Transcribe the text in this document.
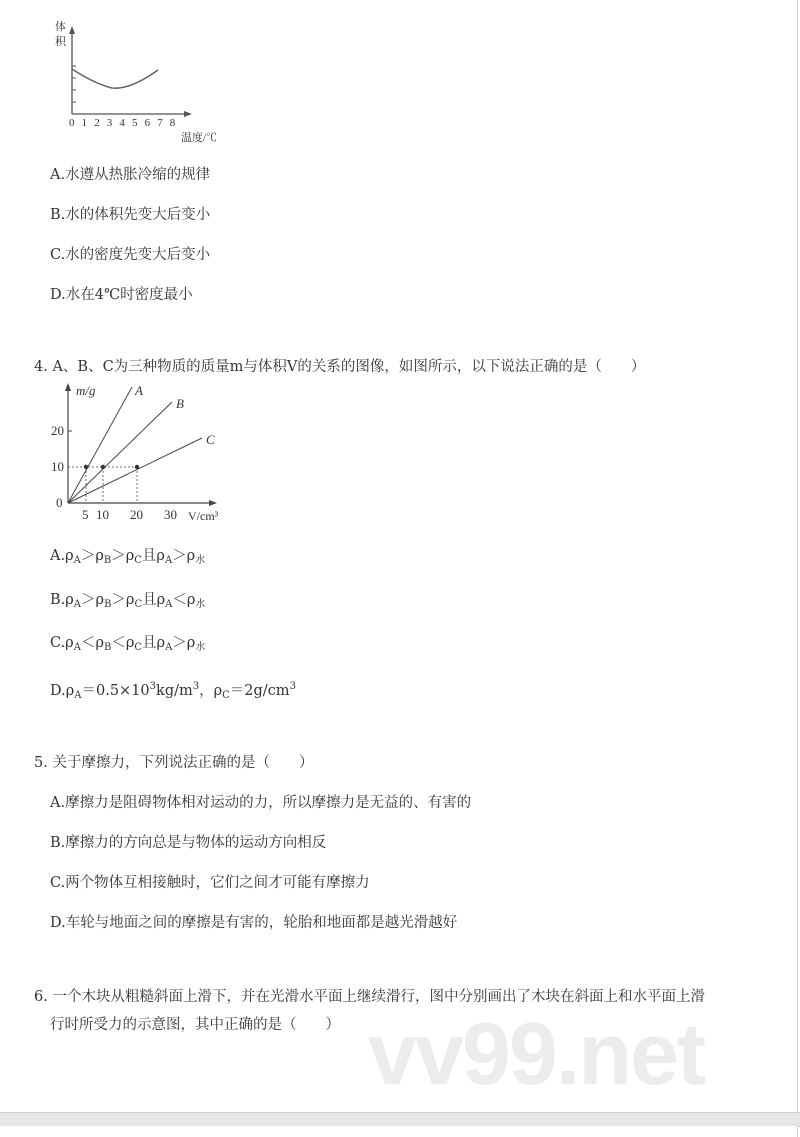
体
积
0 1 2 3 4 5 6 7 8
温度/℃
A.水遵从热胀冷缩的规律
B.水的体积先变大后变小
C.水的密度先变大后变小
D.水在4℃时密度最小
4. A、B、C为三种物质的质量m与体积V的关系的图像，如图所示，以下说法正确的是（　　）
m/g
V/cm³
A
B
C
0
10
20
5 10 20 30
$A.\rho_A>\rho_B>\rho_C$且$\rho_A>\rho_水$
$B.\rho_A>\rho_B>\rho_C$且$\rho_A<\rho_水$
$C.\rho_A<\rho_B<\rho_C$且$\rho_A>\rho_水$
$D.\rho_A=0.5\times 10^3kg/m^3$，$\rho_C=2g/cm^3$
5. 关于摩擦力，下列说法正确的是（　　）
A.摩擦力是阻碍物体相对运动的力，所以摩擦力是无益的、有害的
B.摩擦力的方向总是与物体的运动方向相反
C.两个物体互相接触时，它们之间才可能有摩擦力
D.车轮与地面之间的摩擦是有害的，轮胎和地面都是越光滑越好
vv99.net
6. 一个木块从粗糙斜面上滑下，并在光滑水平面上继续滑行，图中分别画出了木块在斜面上和水平面上滑
行时所受力的示意图，其中正确的是（　　）
